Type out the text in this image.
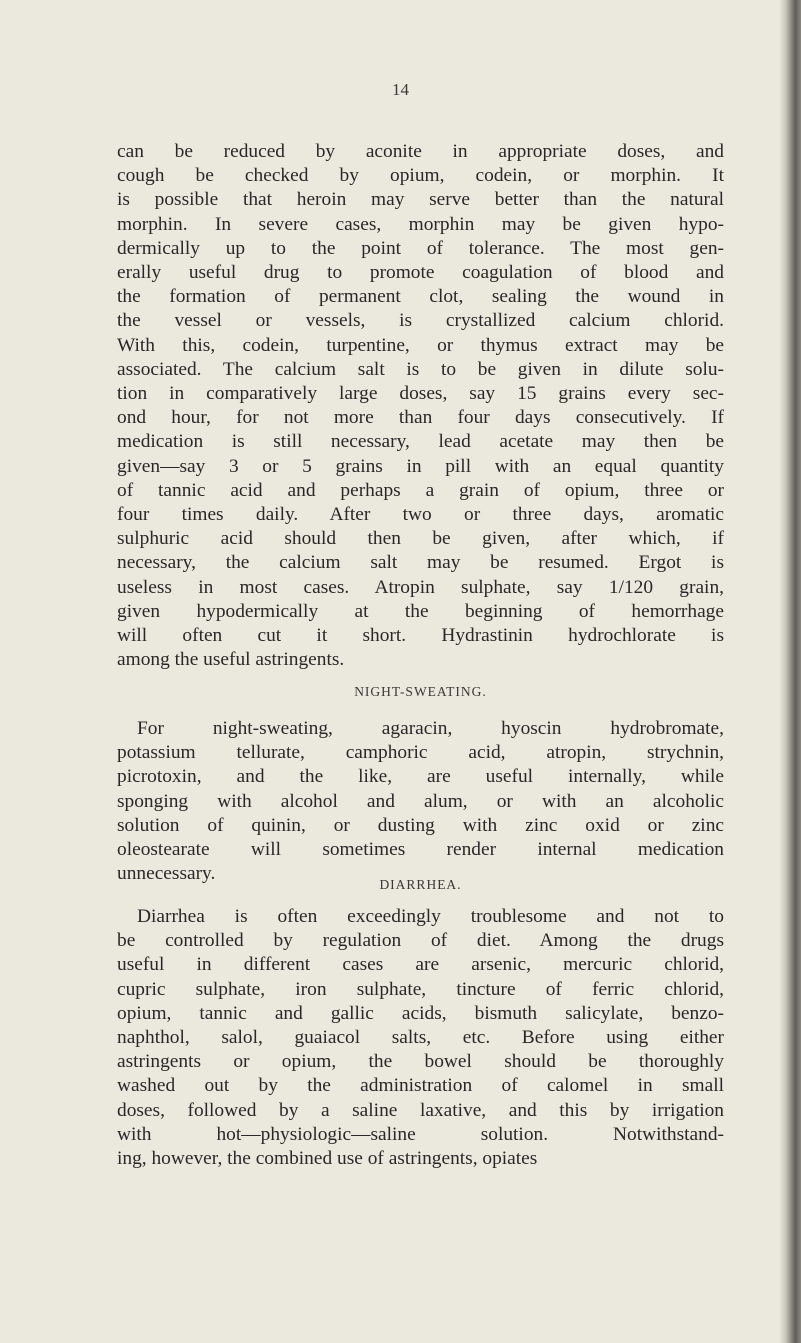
14

can be reduced by aconite in appropriate doses, and

cough be checked by opium, codein, or morphin. It

is possible that heroin may serve better than the natural

morphin. In severe cases, morphin may be given hypo-

dermically up to the point of tolerance. The most gen-

erally useful drug to promote coagulation of blood and

the formation of permanent clot, sealing the wound in

the vessel or vessels, is crystallized calcium chlorid.

With this, codein, turpentine, or thymus extract may be

associated. The calcium salt is to be given in dilute solu-

tion in comparatively large doses, say 15 grains every sec-

ond hour, for not more than four days consecutively. If

medication is still necessary, lead acetate may then be

given—say 3 or 5 grains in pill with an equal quantity

of tannic acid and perhaps a grain of opium, three or

four times daily. After two or three days, aromatic

sulphuric acid should then be given, after which, if

necessary, the calcium salt may be resumed. Ergot is

useless in most cases. Atropin sulphate, say 1/120 grain,

given hypodermically at the beginning of hemorrhage

will often cut it short. Hydrastinin hydrochlorate is

among the useful astringents.

NIGHT-SWEATING.

For night-sweating, agaracin, hyoscin hydrobromate,

potassium tellurate, camphoric acid, atropin, strychnin,

picrotoxin, and the like, are useful internally, while

sponging with alcohol and alum, or with an alcoholic

solution of quinin, or dusting with zinc oxid or zinc

oleostearate will sometimes render internal medication

unnecessary.

DIARRHEA.

Diarrhea is often exceedingly troublesome and not to

be controlled by regulation of diet. Among the drugs

useful in different cases are arsenic, mercuric chlorid,

cupric sulphate, iron sulphate, tincture of ferric chlorid,

opium, tannic and gallic acids, bismuth salicylate, benzo-

naphthol, salol, guaiacol salts, etc. Before using either

astringents or opium, the bowel should be thoroughly

washed out by the administration of calomel in small

doses, followed by a saline laxative, and this by irrigation

with hot—physiologic—saline solution. Notwithstand-

ing, however, the combined use of astringents, opiates
